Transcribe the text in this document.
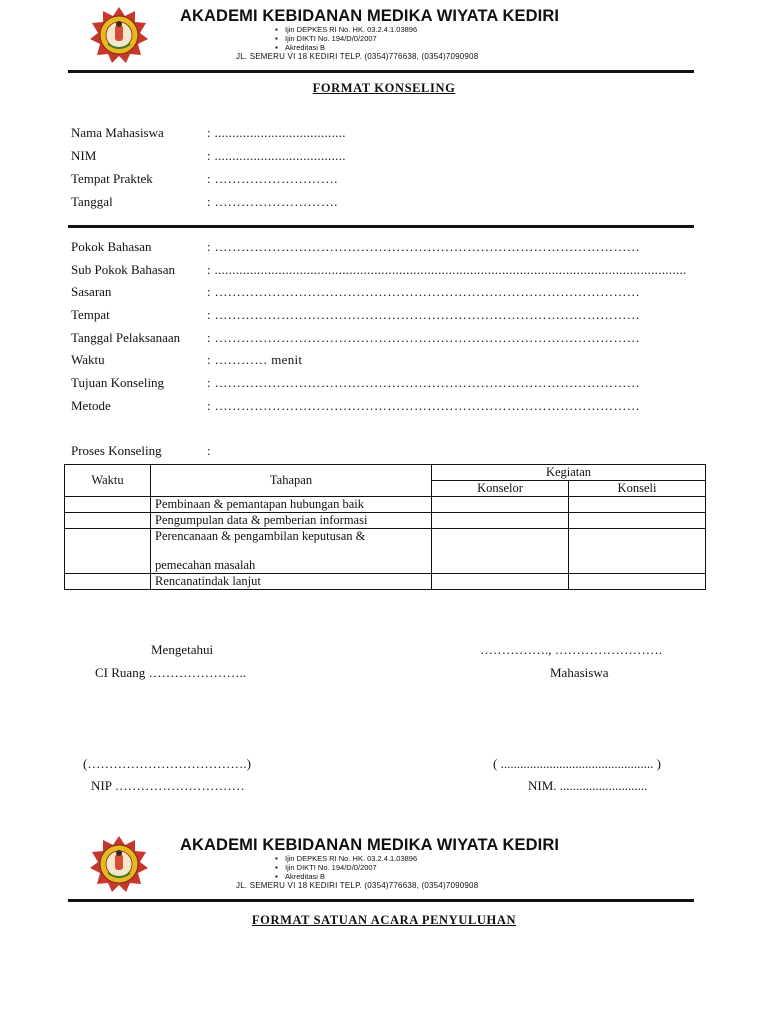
AKADEMI KEBIDANAN MEDIKA WIYATA KEDIRI
▪ Ijin DEPKES RI No. HK. 03.2.4.1.03896
▪ Ijin DIKTI No. 194/D/0/2007
▪ Akreditasi B
JL. SEMERU VI 18 KEDIRI TELP. (0354)776638, (0354)7090908
FORMAT KONSELING
Nama Mahasiswa	: .....................................
NIM	: .....................................
Tempat Praktek	: ……………………….
Tanggal	: ……………………….
Pokok Bahasan	: ……………………………………………………………………………………
Sub Pokok Bahasan : .....................................................................................................................................
Sasaran	: ……………………………………………………………………………………
Tempat	: ……………………………………………………………………………………
Tanggal Pelaksanaan : ……………………………………………………………………………………
Waktu	: ………… menit
Tujuan Konseling	: ……………………………………………………………………………………
Metode	: ……………………………………………………………………………………
Proses Konseling	:
Waktu	Tahapan	Kegiatan	
		Konselor	Konseli
	Pembinaan & pemantapan hubungan baik		
	Pengumpulan data & pemberian informasi		

	Perencanaan & pengambilan keputusan &
pemecahan masalah		

	Rencanatindak lanjut		
Mengetahui
CI Ruang …………………..
……………., …………………….
Mahasiswa
(……………………………….)	( ............................................... )
NIP …………………………	NIM. ...........................
AKADEMI KEBIDANAN MEDIKA WIYATA KEDIRI
▪ Ijin DEPKES RI No. HK. 03.2.4.1.03896
▪ Ijin DIKTI No. 194/D/0/2007
▪ Akreditasi B
JL. SEMERU VI 18 KEDIRI TELP. (0354)776638, (0354)7090908
FORMAT SATUAN ACARA PENYULUHAN
